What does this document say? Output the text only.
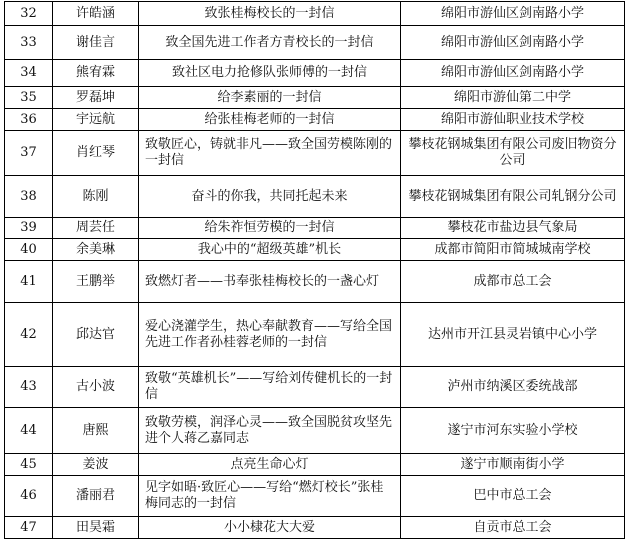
32	许皓涵	致张桂梅校长的一封信	绵阳市游仙区剑南路小学
33	谢佳言	致全国先进工作者方青校长的一封信	绵阳市游仙区剑南路小学
34	熊宥霖	致社区电力抢修队张师傅的一封信	绵阳市游仙区剑南路小学
35	罗磊坤	给李素丽的一封信	绵阳市游仙第二中学
36	宇远航	给张桂梅老师的一封信	绵阳市游仙职业技术学校
37	肖红琴	致敬匠心，铸就非凡——致全国劳模陈刚的一封信	攀枝花钢城集团有限公司废旧物资分公司
38	陈刚	奋斗的你我，共同托起未来	攀枝花钢城集团有限公司轧钢分公司
39	周芸任	给朱祚恒劳模的一封信	攀枝花市盐边县气象局
40	余美琳	我心中的“超级英雄”机长	成都市简阳市简城城南学校
41	王鹏举	致燃灯者——书奉张桂梅校长的一盏心灯	成都市总工会
42	邱达官	爱心浇灌学生，热心奉献教育——写给全国先进工作者孙桂蓉老师的一封信	达州市开江县灵岩镇中心小学
43	古小波	致敬“英雄机长”——写给刘传健机长的一封信	泸州市纳溪区委统战部
44	唐熙	致敬劳模，润泽心灵——致全国脱贫攻坚先进个人蒋乙嘉同志	遂宁市河东实验小学校
45	姜波	点亮生命心灯	遂宁市顺南街小学
46	潘丽君	见字如晤·致匠心——写给“燃灯校长”张桂梅同志的一封信	巴中市总工会
47	田昊霜	小小棣花大大爱	自贡市总工会
